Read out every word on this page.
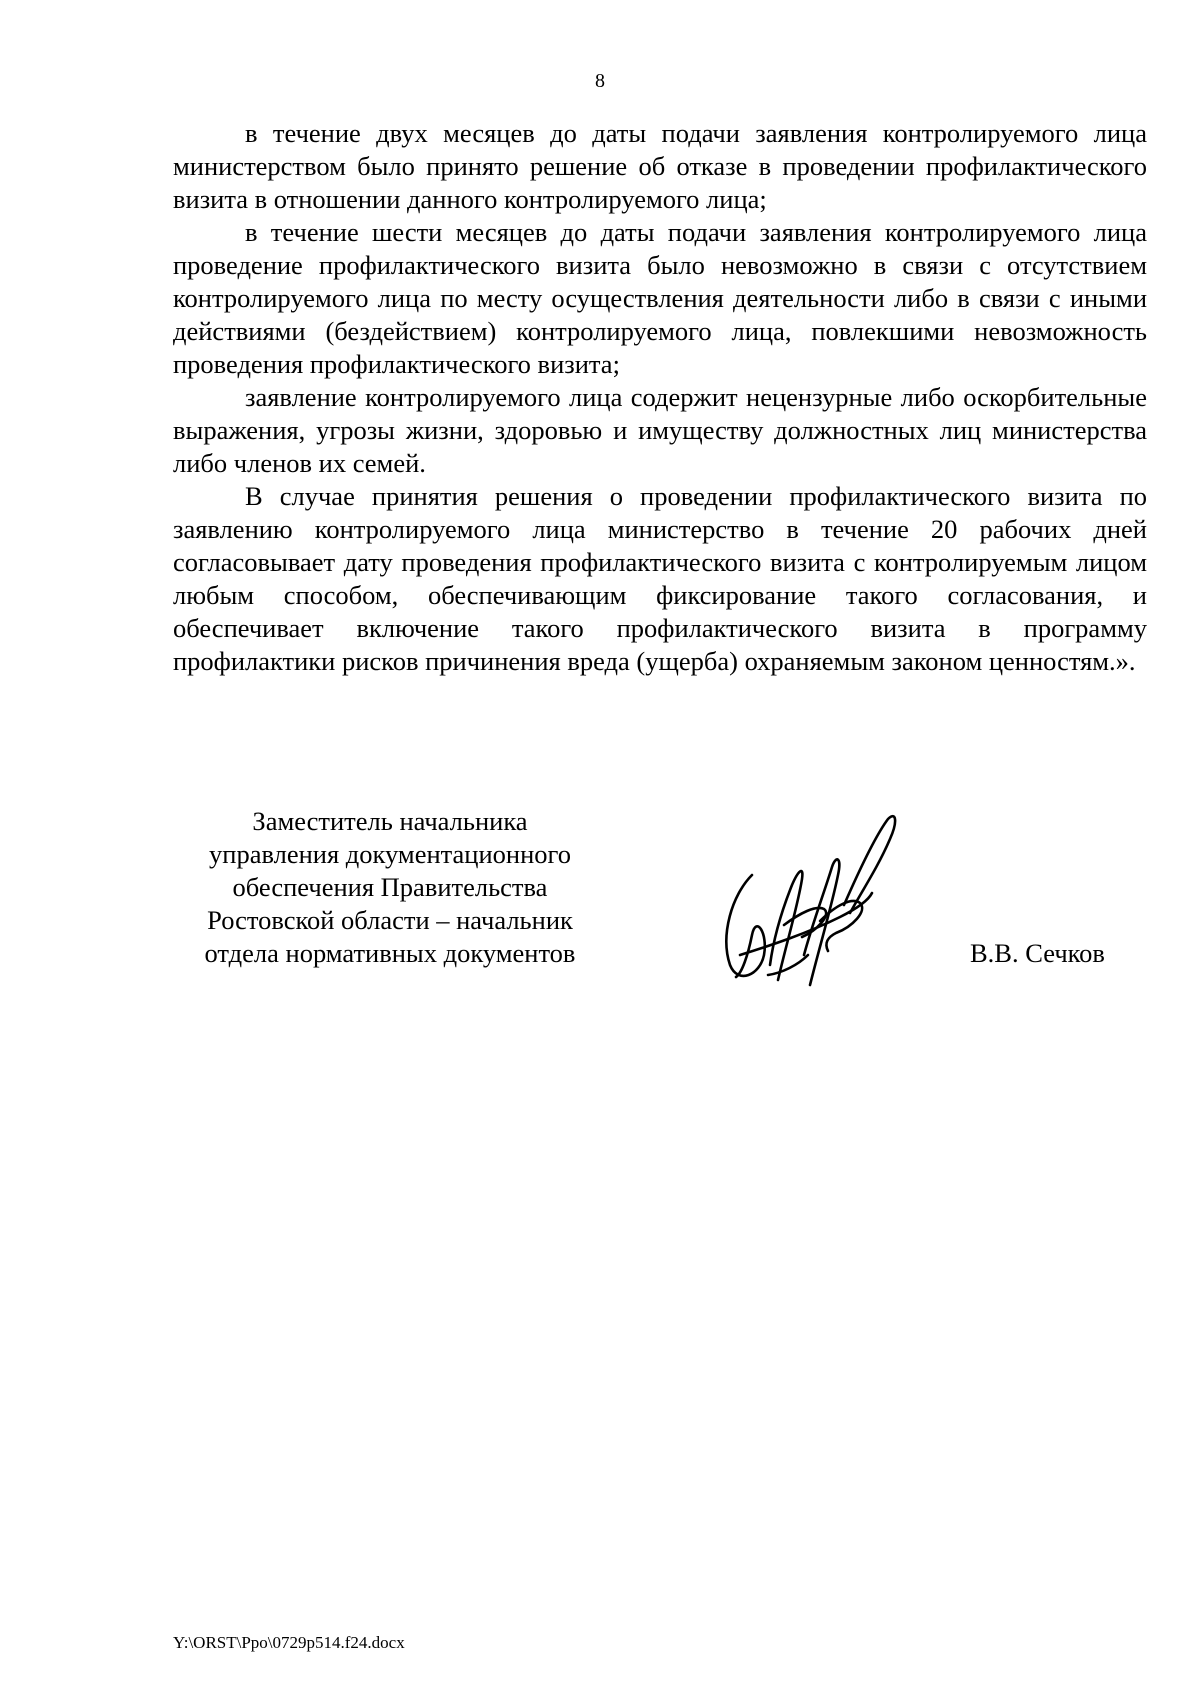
8

в течение двух месяцев до даты подачи заявления контролируемого лица министерством было принято решение об отказе в проведении профилактического визита в отношении данного контролируемого лица;

в течение шести месяцев до даты подачи заявления контролируемого лица проведение профилактического визита было невозможно в связи с отсутствием контролируемого лица по месту осуществления деятельности либо в связи с иными действиями (бездействием) контролируемого лица, повлекшими невозможность проведения профилактического визита;

заявление контролируемого лица содержит нецензурные либо оскорбительные выражения, угрозы жизни, здоровью и имуществу должностных лиц министерства либо членов их семей.

В случае принятия решения о проведении профилактического визита по заявлению контролируемого лица министерство в течение 20 рабочих дней согласовывает дату проведения профилактического визита с контролируемым лицом любым способом, обеспечивающим фиксирование такого согласования, и обеспечивает включение такого профилактического визита в программу профилактики рисков причинения вреда (ущерба) охраняемым законом ценностям.».

Заместитель начальника
управления документационного
обеспечения Правительства
Ростовской области – начальник
отдела нормативных документов	В.В. Сечков
Y:\ORST\Ppo\0729p514.f24.docx
